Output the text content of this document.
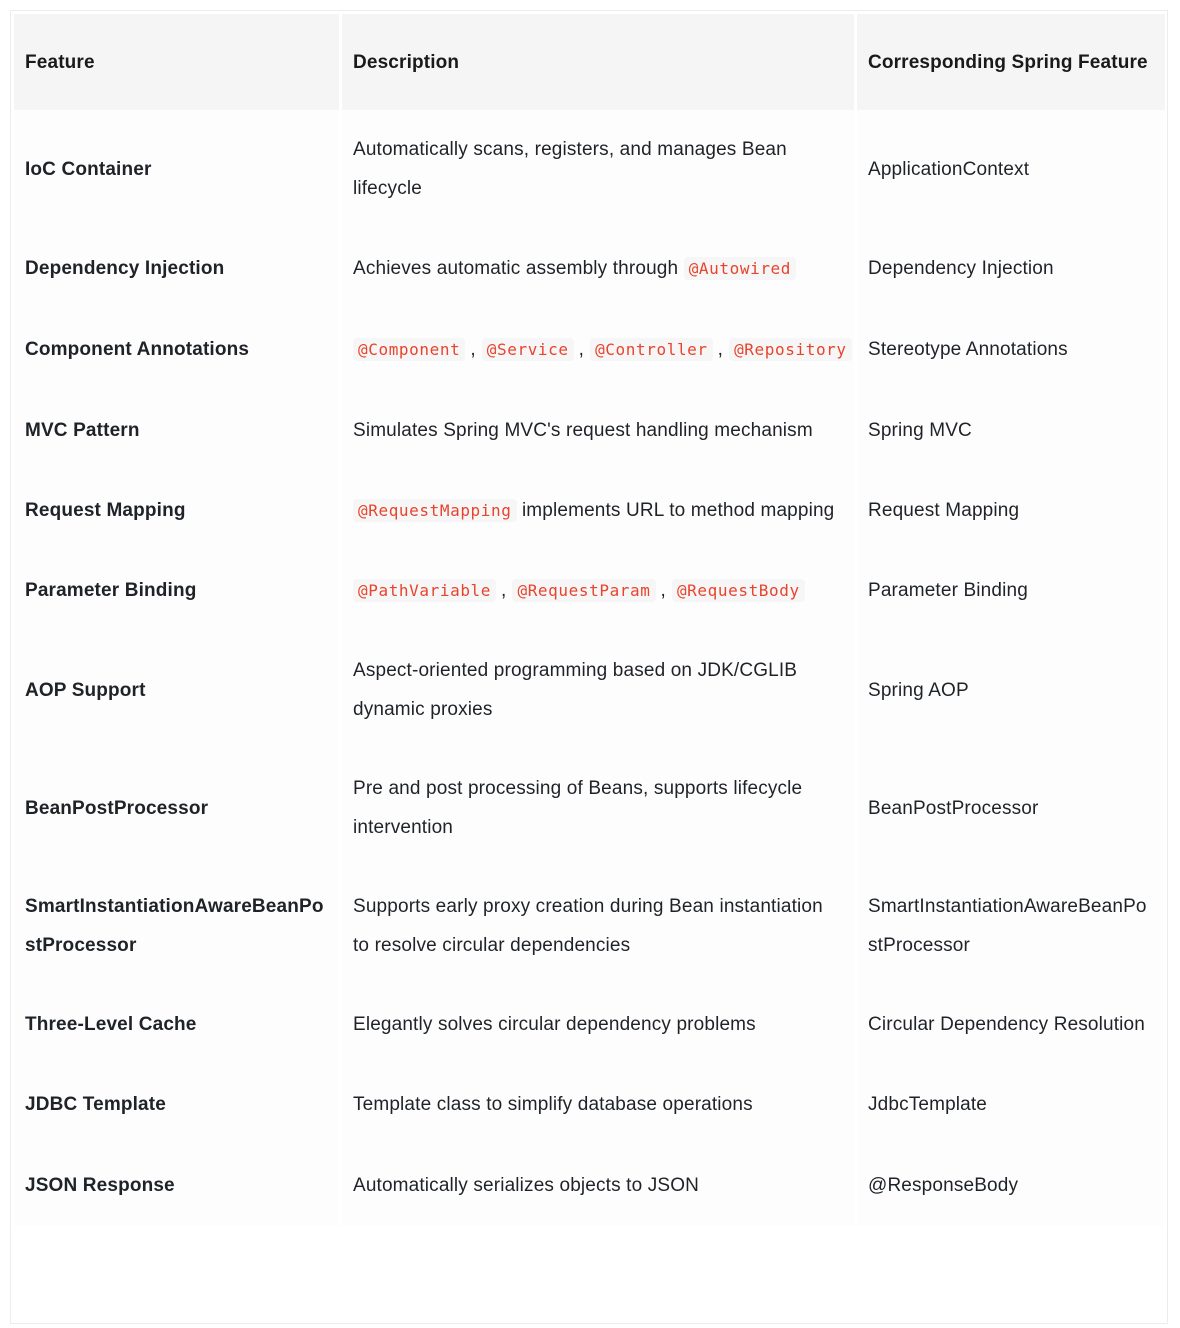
Feature	Description	Corresponding Spring Feature
IoC Container	Automatically scans, registers, and manages Bean lifecycle	ApplicationContext
Dependency Injection	Achieves automatic assembly through @Autowired	Dependency Injection
Component Annotations	@Component , @Service , @Controller , @Repository	Stereotype Annotations
MVC Pattern	Simulates Spring MVC's request handling mechanism	Spring MVC
Request Mapping	@RequestMapping implements URL to method mapping	Request Mapping
Parameter Binding	@PathVariable , @RequestParam , @RequestBody	Parameter Binding
AOP Support	Aspect-oriented programming based on JDK/CGLIB dynamic proxies	Spring AOP
BeanPostProcessor	Pre and post processing of Beans, supports lifecycle intervention	BeanPostProcessor
SmartInstantiationAwareBeanPostProcessor	Supports early proxy creation during Bean instantiation to resolve circular dependencies	SmartInstantiationAwareBeanPostProcessor
Three-Level Cache	Elegantly solves circular dependency problems	Circular Dependency Resolution
JDBC Template	Template class to simplify database operations	JdbcTemplate
JSON Response	Automatically serializes objects to JSON	@ResponseBody
